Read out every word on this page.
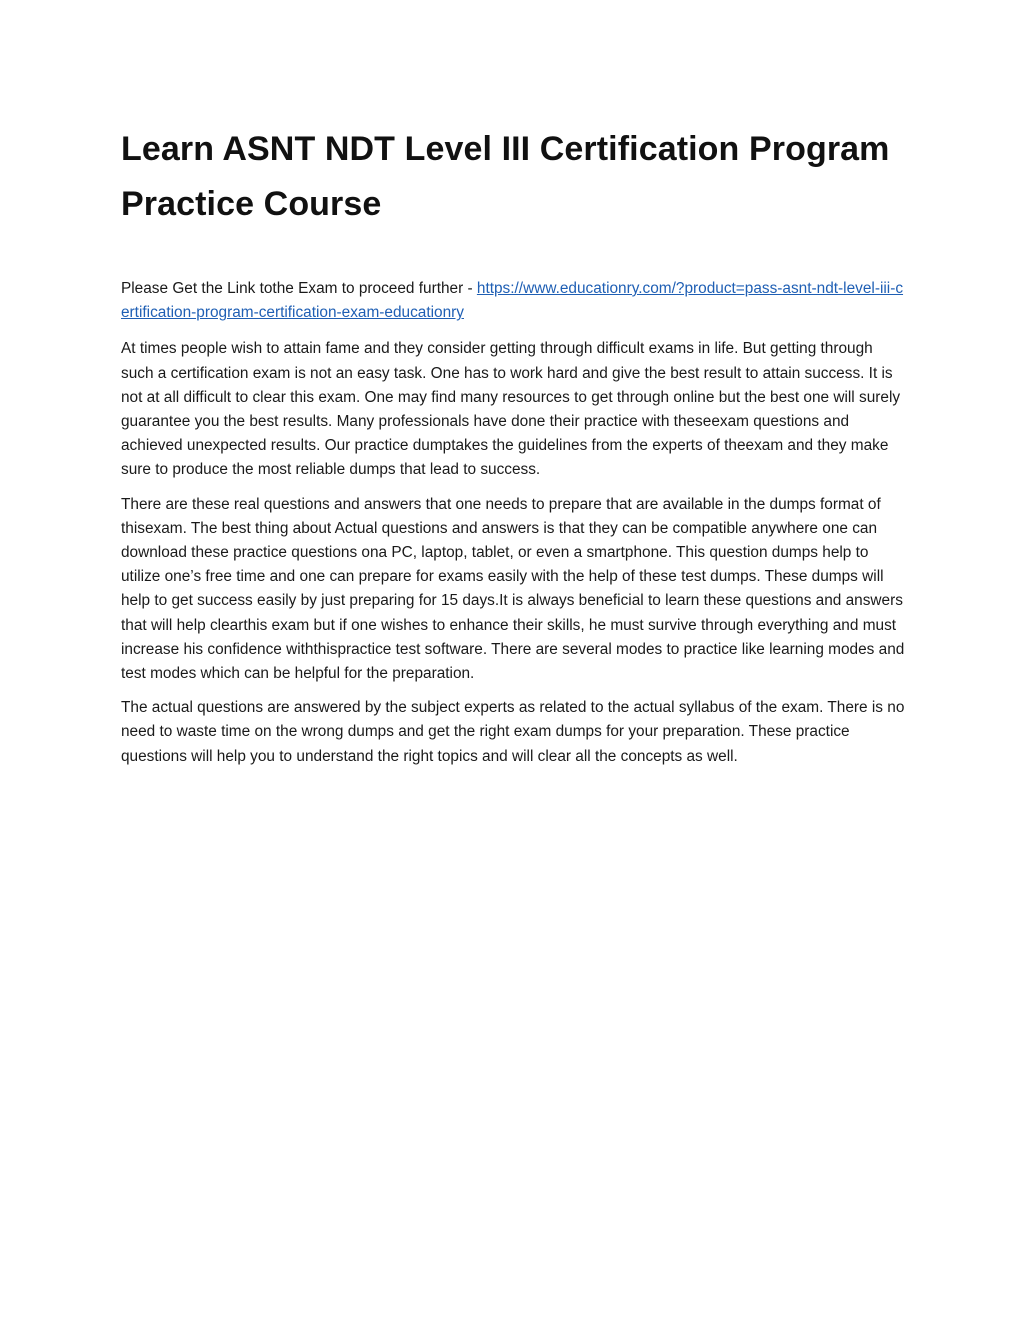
Learn ASNT NDT Level III Certification Program Practice Course

Please Get the Link tothe Exam to proceed further - https://www.educationry.com/?product=pass-asnt-ndt-level-iii-certification-program-certification-exam-educationry

At times people wish to attain fame and they consider getting through difficult exams in life. But getting through such a certification exam is not an easy task. One has to work hard and give the best result to attain success. It is not at all difficult to clear this exam. One may find many resources to get through online but the best one will surely guarantee you the best results. Many professionals have done their practice with theseexam questions and achieved unexpected results. Our practice dumptakes the guidelines from the experts of theexam and they make sure to produce the most reliable dumps that lead to success.

There are these real questions and answers that one needs to prepare that are available in the dumps format of thisexam. The best thing about Actual questions and answers is that they can be compatible anywhere one can download these practice questions ona PC, laptop, tablet, or even a smartphone. This question dumps help to utilize one’s free time and one can prepare for exams easily with the help of these test dumps. These dumps will help to get success easily by just preparing for 15 days.It is always beneficial to learn these questions and answers that will help clearthis exam but if one wishes to enhance their skills, he must survive through everything and must increase his confidence withthispractice test software. There are several modes to practice like learning modes and test modes which can be helpful for the preparation.

The actual questions are answered by the subject experts as related to the actual syllabus of the exam. There is no need to waste time on the wrong dumps and get the right exam dumps for your preparation. These practice questions will help you to understand the right topics and will clear all the concepts as well.
